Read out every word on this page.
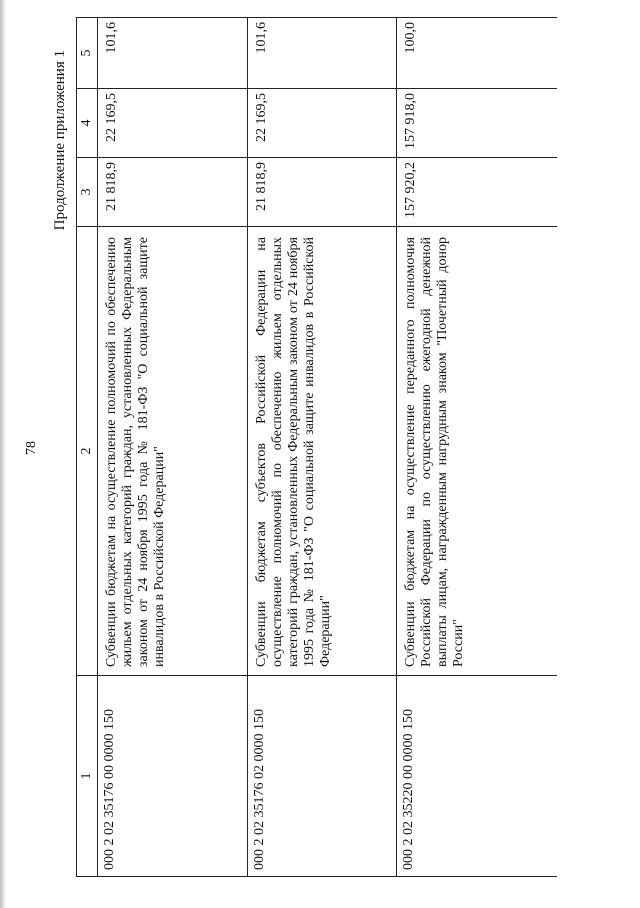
78
Продолжение приложения 1
1	2	3	4	5
000 2 02 35176 00 0000 150	Субвенции бюджетам на осуществление полномочий по обеспечению жильем отдельных категорий граждан, установленных Федеральным законом от 24 ноября 1995 года № 181-ФЗ "О социальной защите инвалидов в Российской Федерации"	21 818,9	22 169,5	101,6
000 2 02 35176 02 0000 150	Субвенции бюджетам субъектов Российской Федерации на осуществление полномочий по обеспечению жильем отдельных категорий граждан, установленных Федеральным законом от 24 ноября 1995 года № 181-ФЗ "О социальной защите инвалидов в Российской Федерации"	21 818,9	22 169,5	101,6
000 2 02 35220 00 0000 150	Субвенции бюджетам на осуществление переданного полномочия Российской Федерации по осуществлению ежегодной денежной выплаты лицам, награжденным нагрудным знаком "Почетный донор России"	157 920,2	157 918,0	100,0
